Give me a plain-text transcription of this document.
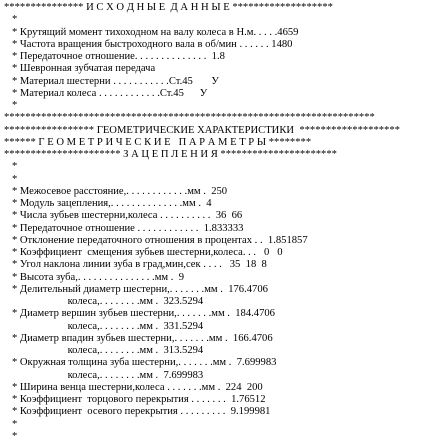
*************** И С Х О Д Н Ы Е  Д А Н Н Ы Е *******************
*
* Крутящий момент тихоходном на валу колеса в Н.м. . . . .4659
* Частота вращения быстроходного вала в об/мин . . . . . . 1480
* Передаточное отношение. . . . . . . . . . . . . .  1.8
* Шевронная зубчатая передача
* Материал шестерни . . . . . . . . . . .Ст.45       У
* Материал колеса . . . . . . . . . . . .Ст.45      У
*
**********************************************************************
***************** ГЕОМЕТРИЧЕСКИЕ ХАРАКТЕРИСТИКИ  *******************
****** Г Е О М Е Т Р И Ч Е С К И Е   П А Р А М Е Т Р Ы ********
********************** З А Ц Е П Л Е Н И Я **********************
*
*
* Межосевое расстояние,. . . . . . . . . . . .мм .  250
* Модуль зацепления,. . . . . . . . . . . . . .мм .  4
* Числа зубьев шестерни,колеса . . . . . . . . . .  36  66
* Передаточное отношение . . . . . . . . . . . .  1.833333
* Отклонение передаточного отношения в процентах . .  1.851857
* Коэффициент  смещения зубьев шестерни,колеса. . .   0   0
* Угол наклона линии зуба в град,мин,сек . . . .   35  18  8
* Высота зуба,. . . . . . . . . . . . . . .мм .  9
* Делительный диаметр шестерни,. . . . . . .мм .  176.4706
колеса,. . . . . . . .мм .  323.5294
* Диаметр вершин зубьев шестерни,. . . . . . .мм .  184.4706
колеса,. . . . . . . .мм .  331.5294
* Диаметр впадин зубьев шестерни,. . . . . . .мм .  166.4706
колеса,. . . . . . . .мм .  313.5294
* Окружная толщина зуба шестерни,. . . . . . .мм .  7.699983
колеса,. . . . . . . .мм .  7.699983
* Ширина венца шестерни,колеса . . . . . . .мм .  224  200
* Коэффициент  торцового перекрытия . . . . . . .  1.76512
* Коэффициент  осевого перекрытия . . . . . . . . .  9.199981
*
*
